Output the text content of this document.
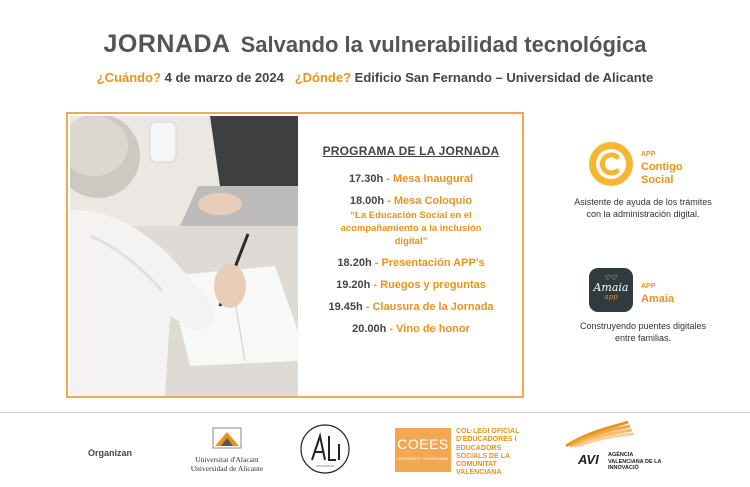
JORNADA Salvando la vulnerabilidad tecnológica
¿Cuándo? 4 de marzo de 2024 ¿Dónde? Edificio San Fernando – Universidad de Alicante
PROGRAMA DE LA JORNADA
17.30h - Mesa Inaugural
18.00h - Mesa Coloquio
“La Educación Social en el acompañamiento a la inclusión digital”
18.20h - Presentación APP’s
19.20h - Ruegos y preguntas
19.45h - Clausura de la Jornada
20.00h - Vino de honor
APP
Contigo
Social
Asistente de ayuda de los trámites con la administración digital.
♡♡
Amaia
app
APP
Amaia
Construyendo puentes digitales entre familias.
Organizan
Universitat d'Alacant
Universidad de Alicante
COEES
COMUNITAT VALENCIANA
COL·LEGI OFICIAL D'EDUCADORES I EDUCADORS SOCIALS DE LA COMUNITAT VALENCIANA
AVI AGÈNCIA VALENCIANA DE LA INNOVACIÓ
